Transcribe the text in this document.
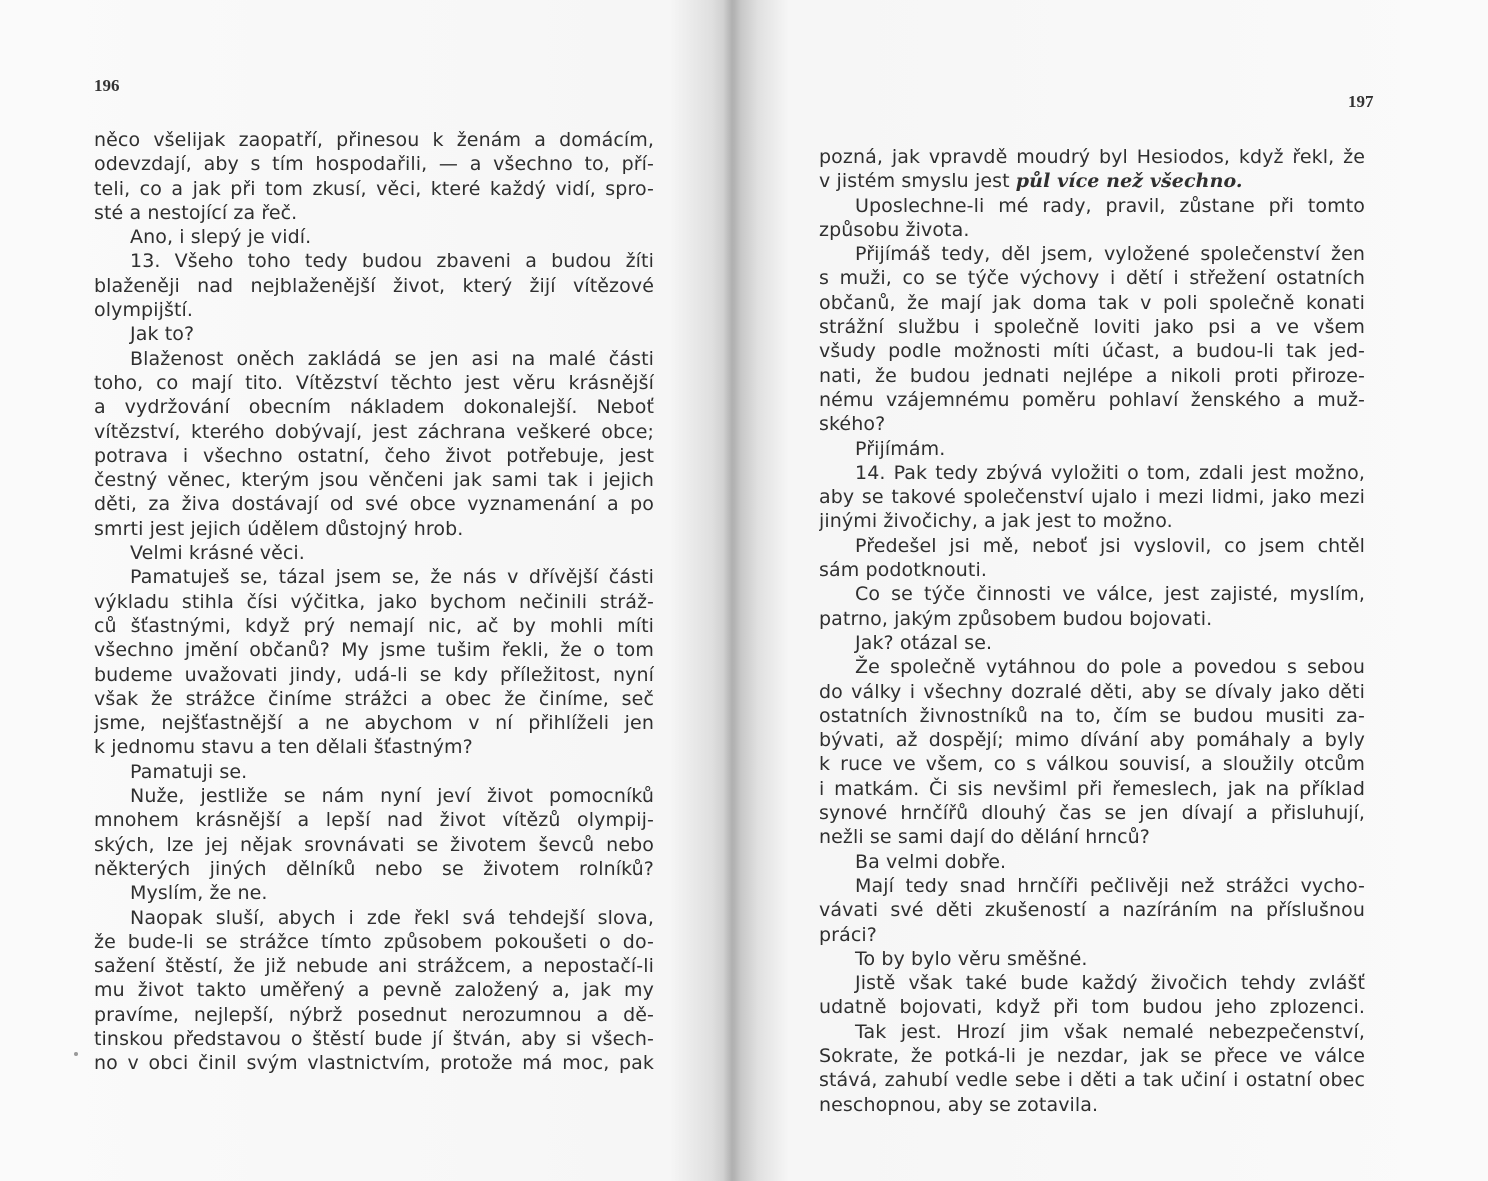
196
něco všelijak zaopatří, přinesou k ženám a domácím,
odevzdají, aby s tím hospodařili, — a všechno to, pří-
teli, co a jak při tom zkusí, věci, které každý vidí, spro-
sté a nestojící za řeč.
Ano, i slepý je vidí.
13. Všeho toho tedy budou zbaveni a budou žíti
blaženěji nad nejblaženější život, který žijí vítězové
olympijští.
Jak to?
Blaženost oněch zakládá se jen asi na malé části
toho, co mají tito. Vítězství těchto jest věru krásnější
a vydržování obecním nákladem dokonalejší. Neboť
vítězství, kterého dobývají, jest záchrana veškeré obce;
potrava i všechno ostatní, čeho život potřebuje, jest
čestný věnec, kterým jsou věnčeni jak sami tak i jejich
děti, za živa dostávají od své obce vyznamenání a po
smrti jest jejich údělem důstojný hrob.
Velmi krásné věci.
Pamatuješ se, tázal jsem se, že nás v dřívější části
výkladu stihla čísi výčitka, jako bychom nečinili stráž-
ců šťastnými, když prý nemají nic, ač by mohli míti
všechno jmění občanů? My jsme tušim řekli, že o tom
budeme uvažovati jindy, udá-li se kdy příležitost, nyní
však že strážce činíme strážci a obec že činíme, seč
jsme, nejšťastnější a ne abychom v ní přihlíželi jen
k jednomu stavu a ten dělali šťastným?
Pamatuji se.
Nuže, jestliže se nám nyní jeví život pomocníků
mnohem krásnější a lepší nad život vítězů olympij-
ských, lze jej nějak srovnávati se životem ševců nebo
některých jiných dělníků nebo se životem rolníků?
Myslím, že ne.
Naopak sluší, abych i zde řekl svá tehdejší slova,
že bude-li se strážce tímto způsobem pokoušeti o do-
sažení štěstí, že již nebude ani strážcem, a nepostačí-li
mu život takto uměřený a pevně založený a, jak my
pravíme, nejlepší, nýbrž posednut nerozumnou a dě-
tinskou představou o štěstí bude jí štván, aby si všech-
no v obci činil svým vlastnictvím, protože má moc, pak
197
pozná, jak vpravdě moudrý byl Hesiodos, když řekl, že
v jistém smyslu jest půl více než všechno.
Uposlechne-li mé rady, pravil, zůstane při tomto
způsobu života.
Přijímáš tedy, děl jsem, vyložené společenství žen
s muži, co se týče výchovy i dětí i střežení ostatních
občanů, že mají jak doma tak v poli společně konati
strážní službu i společně loviti jako psi a ve všem
všudy podle možnosti míti účast, a budou-li tak jed-
nati, že budou jednati nejlépe a nikoli proti přiroze-
nému vzájemnému poměru pohlaví ženského a muž-
ského?
Přijímám.
14. Pak tedy zbývá vyložiti o tom, zdali jest možno,
aby se takové společenství ujalo i mezi lidmi, jako mezi
jinými živočichy, a jak jest to možno.
Předešel jsi mě, neboť jsi vyslovil, co jsem chtěl
sám podotknouti.
Co se týče činnosti ve válce, jest zajisté, myslím,
patrno, jakým způsobem budou bojovati.
Jak? otázal se.
Že společně vytáhnou do pole a povedou s sebou
do války i všechny dozralé děti, aby se dívaly jako děti
ostatních živnostníků na to, čím se budou musiti za-
bývati, až dospějí; mimo dívání aby pomáhaly a byly
k ruce ve všem, co s válkou souvisí, a sloužily otcům
i matkám. Či sis nevšiml při řemeslech, jak na příklad
synové hrnčířů dlouhý čas se jen dívají a přisluhují,
nežli se sami dají do dělání hrnců?
Ba velmi dobře.
Mají tedy snad hrnčíři pečlivěji než strážci vycho-
vávati své děti zkušeností a nazíráním na příslušnou
práci?
To by bylo věru směšné.
Jistě však také bude každý živočich tehdy zvlášť
udatně bojovati, když při tom budou jeho zplozenci.
Tak jest. Hrozí jim však nemalé nebezpečenství,
Sokrate, že potká-li je nezdar, jak se přece ve válce
stává, zahubí vedle sebe i děti a tak učiní i ostatní obec
neschopnou, aby se zotavila.
